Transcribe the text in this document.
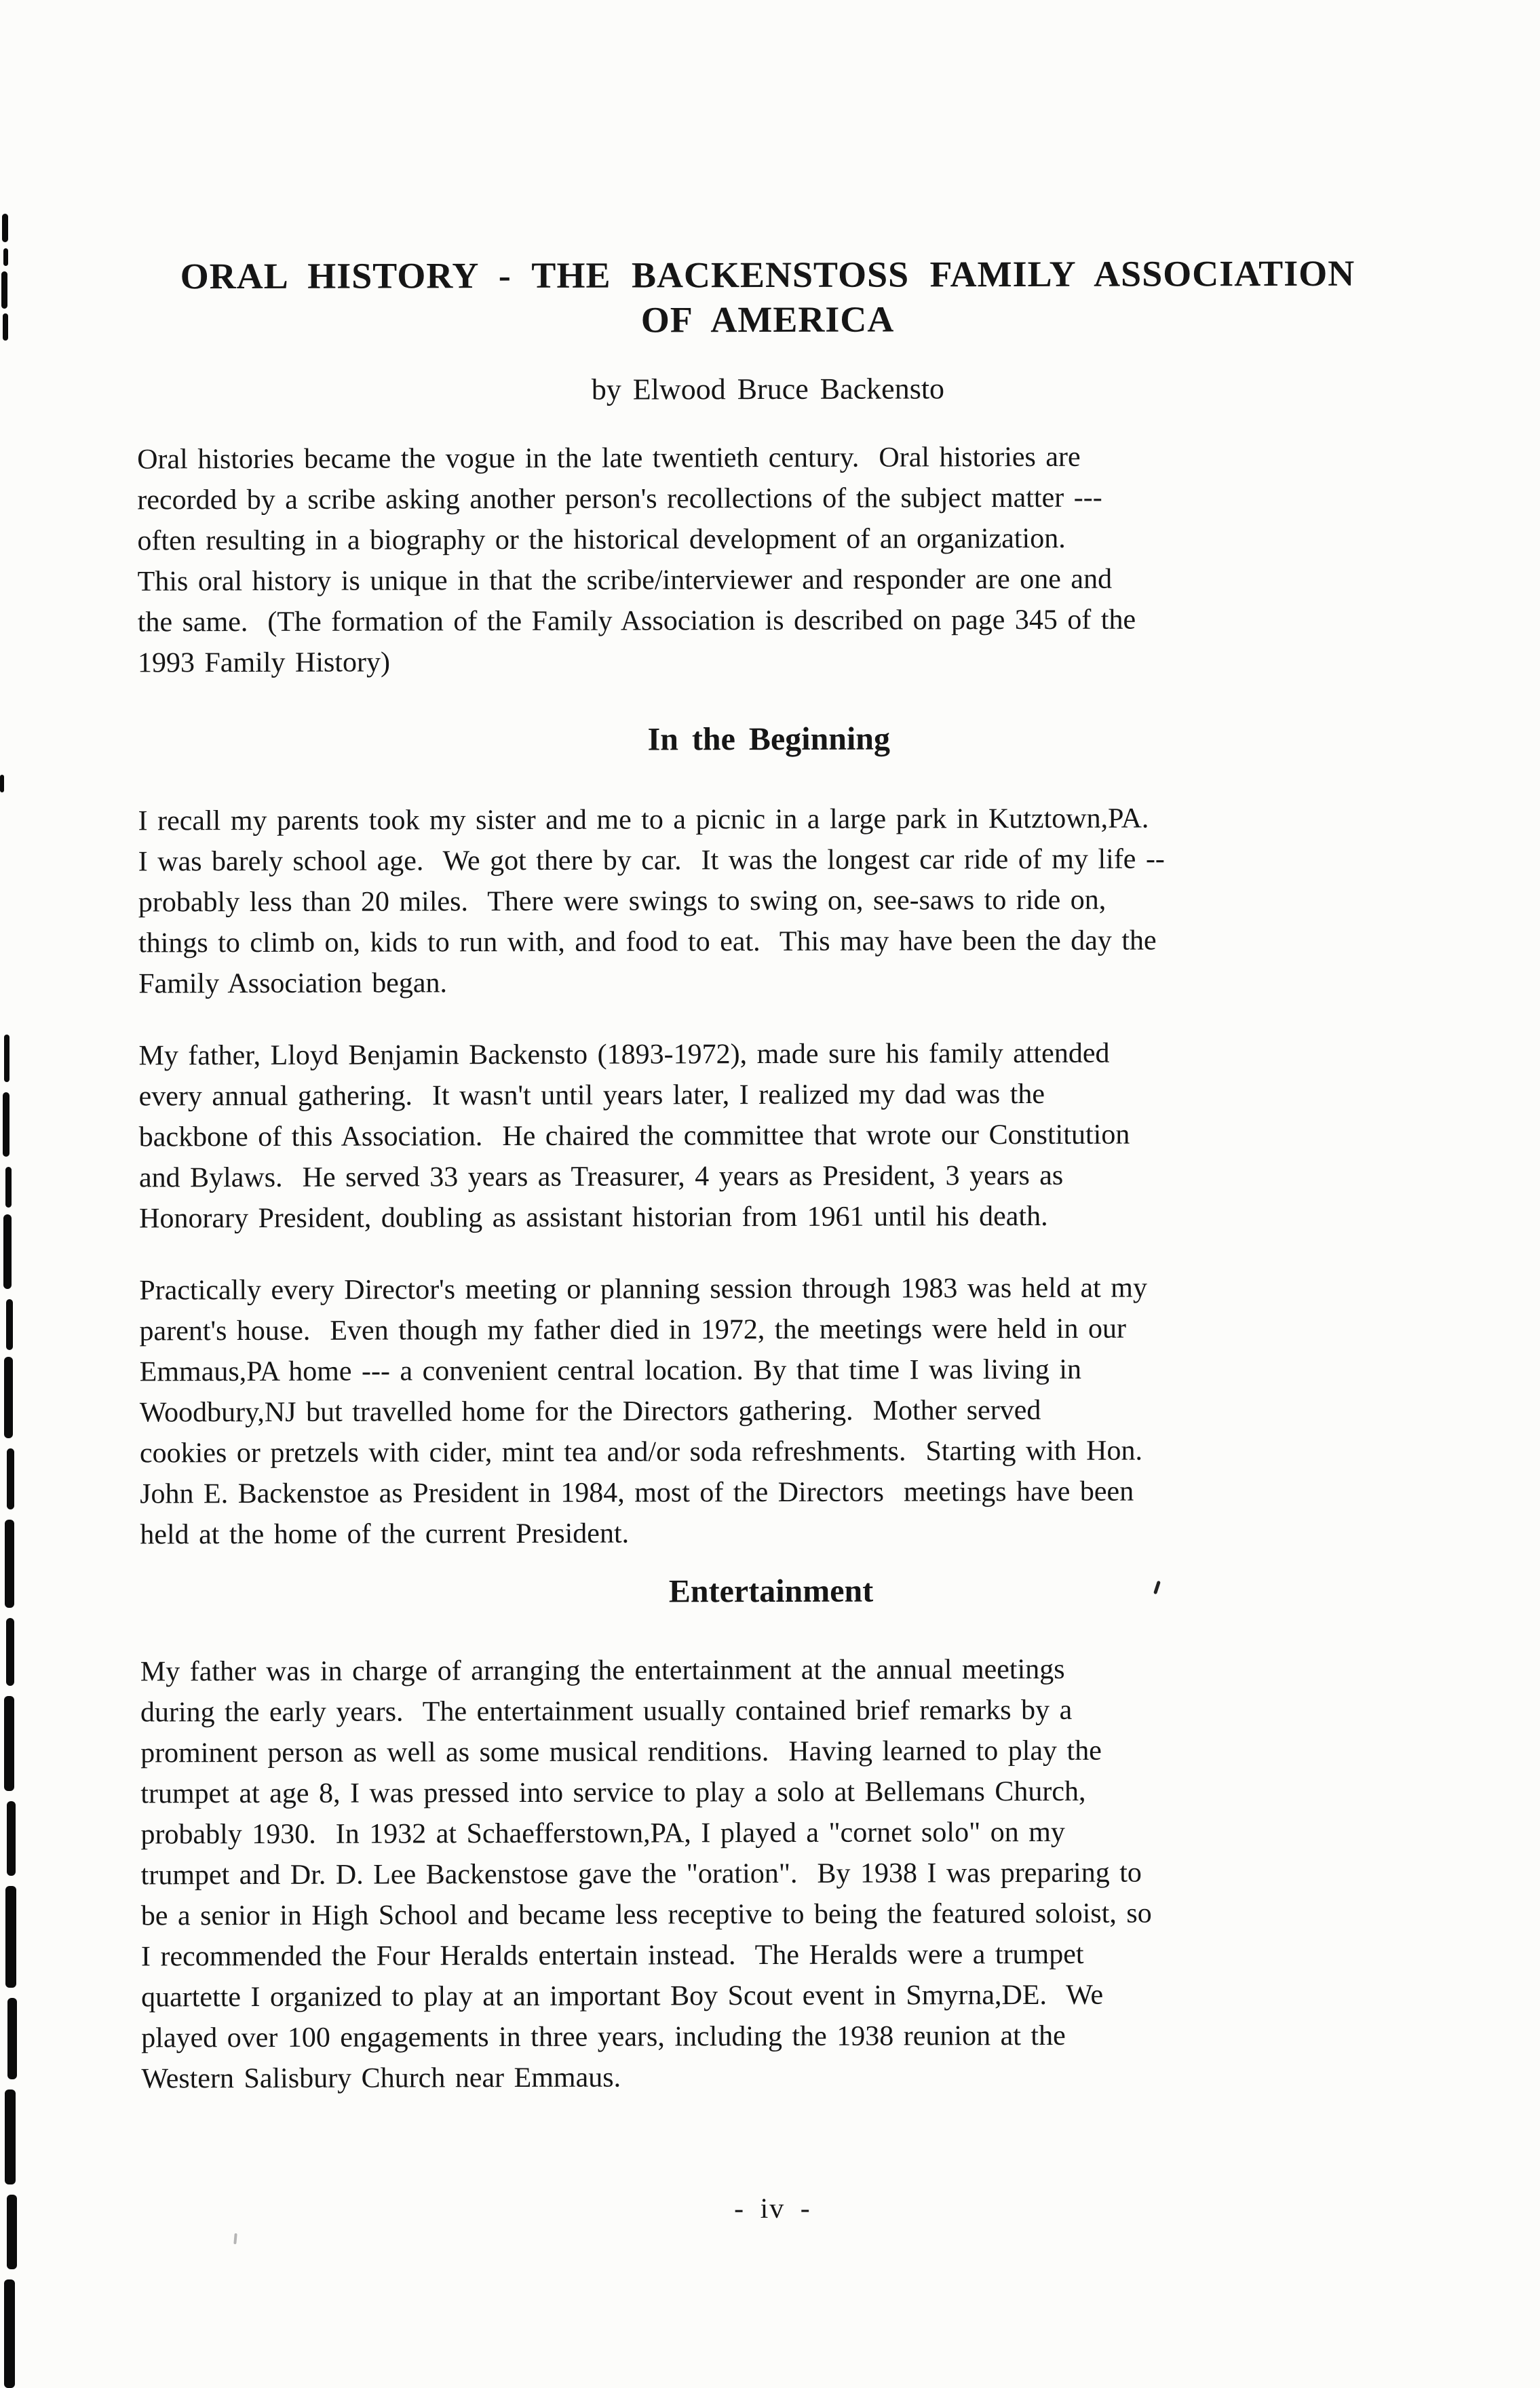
ORAL HISTORY - THE BACKENSTOSS FAMILY ASSOCIATION
OF AMERICA
by Elwood Bruce Backensto
Oral histories became the vogue in the late twentieth century.  Oral histories are
recorded by a scribe asking another person's recollections of the subject matter ---
often resulting in a biography or the historical development of an organization.
This oral history is unique in that the scribe/interviewer and responder are one and
the same.  (The formation of the Family Association is described on page 345 of the
1993 Family History)
In the Beginning
I recall my parents took my sister and me to a picnic in a large park in Kutztown,PA.
I was barely school age.  We got there by car.  It was the longest car ride of my life --
probably less than 20 miles.  There were swings to swing on, see-saws to ride on,
things to climb on, kids to run with, and food to eat.  This may have been the day the
Family Association began.
My father, Lloyd Benjamin Backensto (1893-1972), made sure his family attended
every annual gathering.  It wasn't until years later, I realized my dad was the
backbone of this Association.  He chaired the committee that wrote our Constitution
and Bylaws.  He served 33 years as Treasurer, 4 years as President, 3 years as
Honorary President, doubling as assistant historian from 1961 until his death.
Practically every Director's meeting or planning session through 1983 was held at my
parent's house.  Even though my father died in 1972, the meetings were held in our
Emmaus,PA home --- a convenient central location. By that time I was living in
Woodbury,NJ but travelled home for the Directors gathering.  Mother served
cookies or pretzels with cider, mint tea and/or soda refreshments.  Starting with Hon.
John E. Backenstoe as President in 1984, most of the Directors  meetings have been
held at the home of the current President.
Entertainment
My father was in charge of arranging the entertainment at the annual meetings
during the early years.  The entertainment usually contained brief remarks by a
prominent person as well as some musical renditions.  Having learned to play the
trumpet at age 8, I was pressed into service to play a solo at Bellemans Church,
probably 1930.  In 1932 at Schaefferstown,PA, I played a "cornet solo" on my
trumpet and Dr. D. Lee Backenstose gave the "oration".  By 1938 I was preparing to
be a senior in High School and became less receptive to being the featured soloist, so
I recommended the Four Heralds entertain instead.  The Heralds were a trumpet
quartette I organized to play at an important Boy Scout event in Smyrna,DE.  We
played over 100 engagements in three years, including the 1938 reunion at the
Western Salisbury Church near Emmaus.
- iv -
